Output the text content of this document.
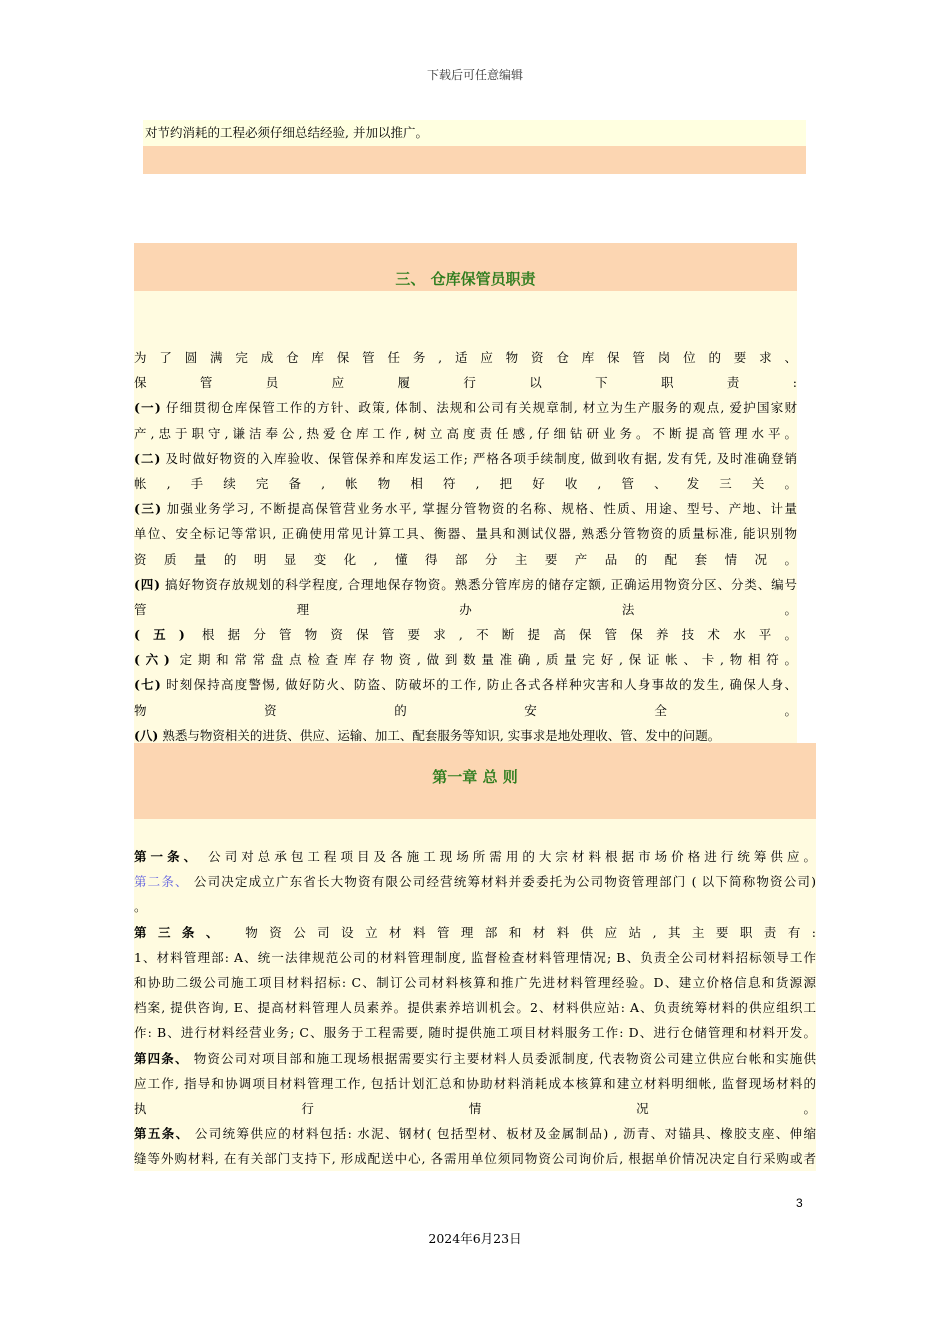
下载后可任意编辑
对节约消耗的工程必须仔细总结经验, 并加以推广。
三、 仓库保管员职责
为了圆满完成仓库保管任务,适应物资仓库保管岗位的要求、
保管员应履行以下职责:
(一) 仔细贯彻仓库保管工作的方针、政策, 体制、法规和公司有关规章制, 材立为生产服务的观点, 爱护国家财
产,忠于职守,谦洁奉公,热爱仓库工作,树立高度责任感,仔细钻研业务。不断提高管理水平。
(二) 及时做好物资的入库验收、保管保养和库发运工作; 严格各项手续制度, 做到收有据, 发有凭, 及时准确登销
帐,手续完备,帐物相符,把好收,管、发三关。
(三) 加强业务学习, 不断提高保管营业务水平, 掌握分管物资的名称、规格、性质、用途、型号、产地、计量
单位、安全标记等常识, 正确使用常见计算工具、衡器、量具和测试仪器, 熟悉分管物资的质量标准, 能识别物
资质量的明显变化,懂得部分主要产品的配套情况。
(四) 搞好物资存放规划的科学程度, 合理地保存物资。熟悉分管库房的储存定额, 正确运用物资分区、分类、编号
管理办法。
(五) 根据分管物资保管要求,不断提高保管保养技术水平。
(六) 定期和常常盘点检查库存物资,做到数量准确,质量完好,保证帐、卡,物相符。
(七) 时刻保持高度警惕, 做好防火、防盗、防破坏的工作, 防止各式各样种灾害和人身事故的发生, 确保人身、
物资的安全。
(八) 熟悉与物资相关的进货、供应、运输、加工、配套服务等知识, 实事求是地处理收、管、发中的问题。
第一章 总 则
第一条、 公司对总承包工程项目及各施工现场所需用的大宗材料根据市场价格进行统筹供应。
第二条、 公司决定成立广东省长大物资有限公司经营统筹材料并委委托为公司物资管理部门 ( 以下简称物资公司)
。
第三条、 物资公司设立材料管理部和材料供应站,其主要职责有:
1、材料管理部: A、统一法律规范公司的材料管理制度, 监督检查材料管理情况; B、负责全公司材料招标领导工作
和协助二级公司施工项目材料招标: C、制订公司材料核算和推广先进材料管理经验。D、建立价格信息和货源源
档案, 提供咨询, E、提高材料管理人员素养。提供素养培训机会。2、材料供应站: A、负责统筹材料的供应组织工
作: B、进行材料经营业务; C、服务于工程需要, 随时提供施工项目材料服务工作: D、进行仓储管理和材料开发。
第四条、 物资公司对项目部和施工现场根据需要实行主要材料人员委派制度, 代表物资公司建立供应台帐和实施供
应工作, 指导和协调项目材料管理工作, 包括计划汇总和协助材料消耗成本核算和建立材料明细帐, 监督现场材料的
执行情况。
第五条、 公司统筹供应的材料包括: 水泥、钢材( 包括型材、板材及金属制品) , 沥青、对锚具、橡胶支座、伸缩
缝等外购材料, 在有关部门支持下, 形成配送中心, 各需用单位须同物资公司询价后, 根据单价情况决定自行采购或者
3
2024年6月23日
